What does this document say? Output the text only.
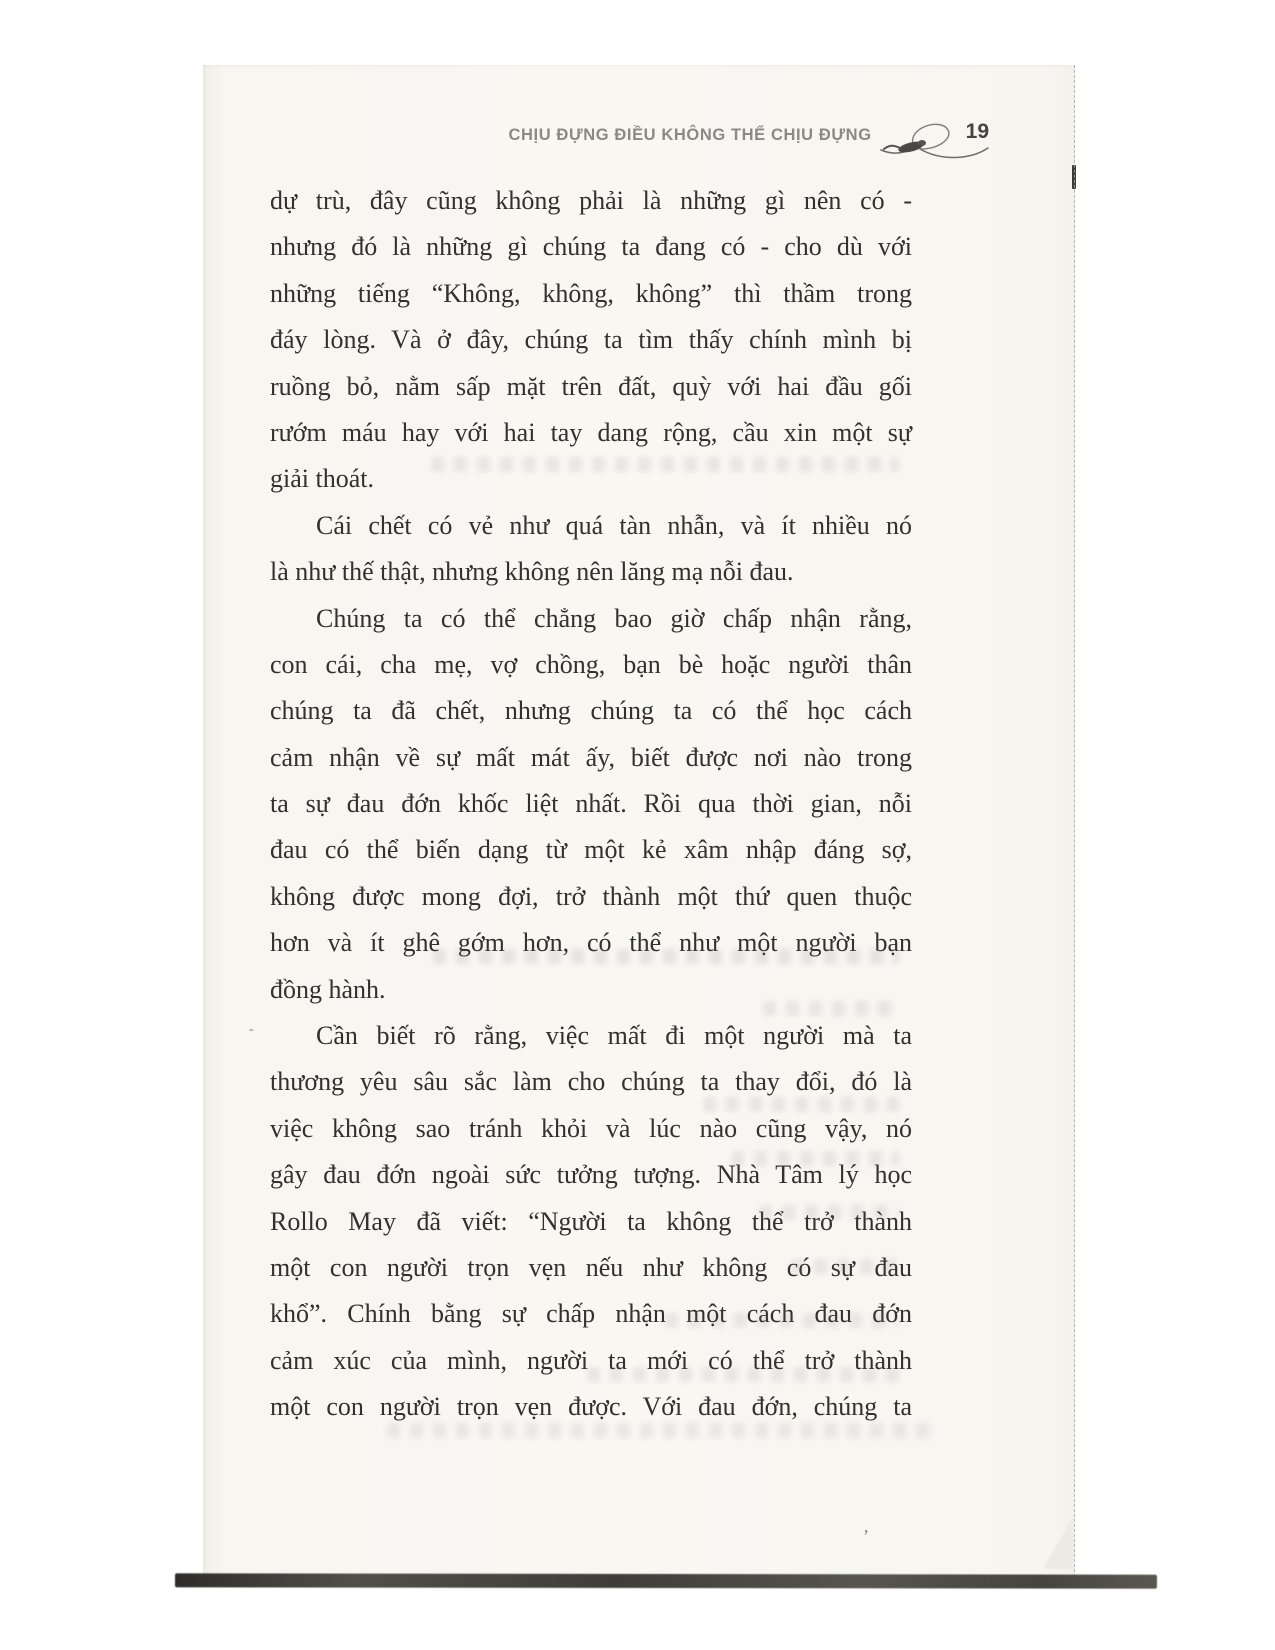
CHỊU ĐỰNG ĐIỀU KHÔNG THỂ CHỊU ĐỰNG	19
dự trù, đây cũng không phải là những gì nên có -
nhưng đó là những gì chúng ta đang có - cho dù với
những tiếng “Không, không, không” thì thầm trong
đáy lòng. Và ở đây, chúng ta tìm thấy chính mình bị
ruồng bỏ, nằm sấp mặt trên đất, quỳ với hai đầu gối
rướm máu hay với hai tay dang rộng, cầu xin một sự
giải thoát.
Cái chết có vẻ như quá tàn nhẫn, và ít nhiều nó
là như thế thật, nhưng không nên lăng mạ nỗi đau.
Chúng ta có thể chẳng bao giờ chấp nhận rằng,
con cái, cha mẹ, vợ chồng, bạn bè hoặc người thân
chúng ta đã chết, nhưng chúng ta có thể học cách
cảm nhận về sự mất mát ấy, biết được nơi nào trong
ta sự đau đớn khốc liệt nhất. Rồi qua thời gian, nỗi
đau có thể biến dạng từ một kẻ xâm nhập đáng sợ,
không được mong đợi, trở thành một thứ quen thuộc
hơn và ít ghê gớm hơn, có thể như một người bạn
đồng hành.
Cần biết rõ rằng, việc mất đi một người mà ta
thương yêu sâu sắc làm cho chúng ta thay đổi, đó là
việc không sao tránh khỏi và lúc nào cũng vậy, nó
gây đau đớn ngoài sức tưởng tượng. Nhà Tâm lý học
Rollo May đã viết: “Người ta không thể trở thành
một con người trọn vẹn nếu như không có sự đau
khổ”. Chính bằng sự chấp nhận một cách đau đớn
cảm xúc của mình, người ta mới có thể trở thành
một con người trọn vẹn được. Với đau đớn, chúng ta
’
-
